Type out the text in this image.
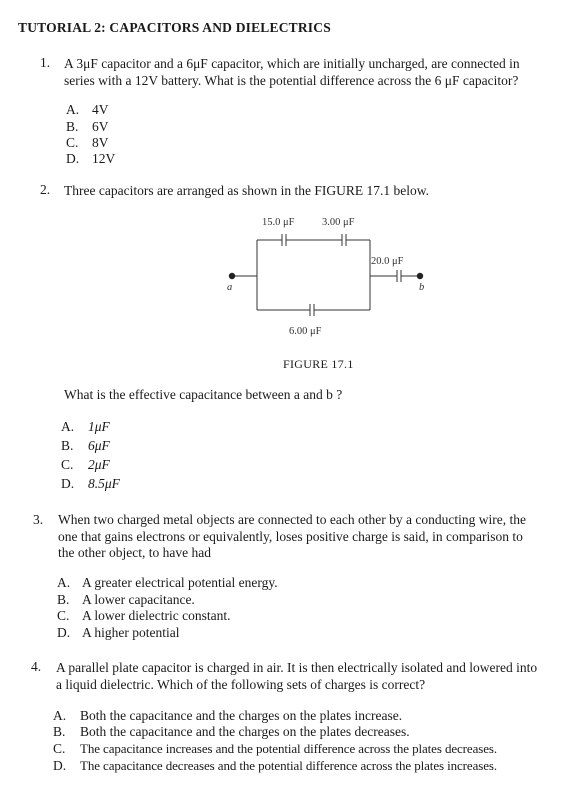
TUTORIAL 2: CAPACITORS AND DIELECTRICS
1. A 3μF capacitor and a 6μF capacitor, which are initially uncharged, are connected in
series with a 12V battery. What is the potential difference across the 6 μF capacitor?
A. 4V
B. 6V
C. 8V
D. 12V
2. Three capacitors are arranged as shown in the FIGURE 17.1 below.
15.0 μF	3.00 μF
20.0 μF
6.00 μF
a	b
FIGURE 17.1
What is the effective capacitance between a and b ?
A. 1μF
B. 6μF
C. 2μF
D. 8.5μF
3. When two charged metal objects are connected to each other by a conducting wire, the
one that gains electrons or equivalently, loses positive charge is said, in comparison to
the other object, to have had
A. A greater electrical potential energy.
B. A lower capacitance.
C. A lower dielectric constant.
D. A higher potential
4. A parallel plate capacitor is charged in air. It is then electrically isolated and lowered into
a liquid dielectric. Which of the following sets of charges is correct?
A. Both the capacitance and the charges on the plates increase.
B. Both the capacitance and the charges on the plates decreases.
C. The capacitance increases and the potential difference across the plates decreases.
D. The capacitance decreases and the potential difference across the plates increases.
